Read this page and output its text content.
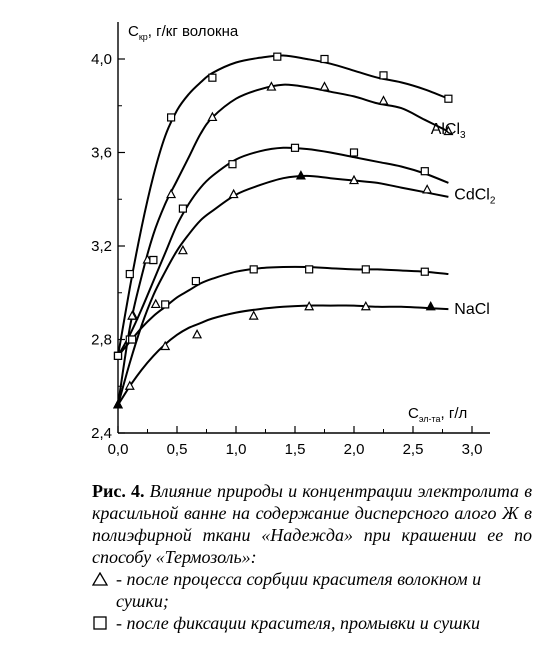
2,4
2,8
3,2
3,6
4,0
0,0	0,5	1,0	1,5	2,0	2,5	3,0
$С_{кр}$, г/кг волокна
$С_{эл-та}$, г/л
AlCl$_3$
CdCl$_2$
NaCl
Рис. 4. Влияние природы и концентрации электролита в красильной ванне на содержание дисперсного алого Ж в полиэфирной ткани «Надежда» при крашении ее по способу «Термозоль»:
- после процесса сорбции красителя волокном и сушки;
- после фиксации красителя, промывки и сушки
